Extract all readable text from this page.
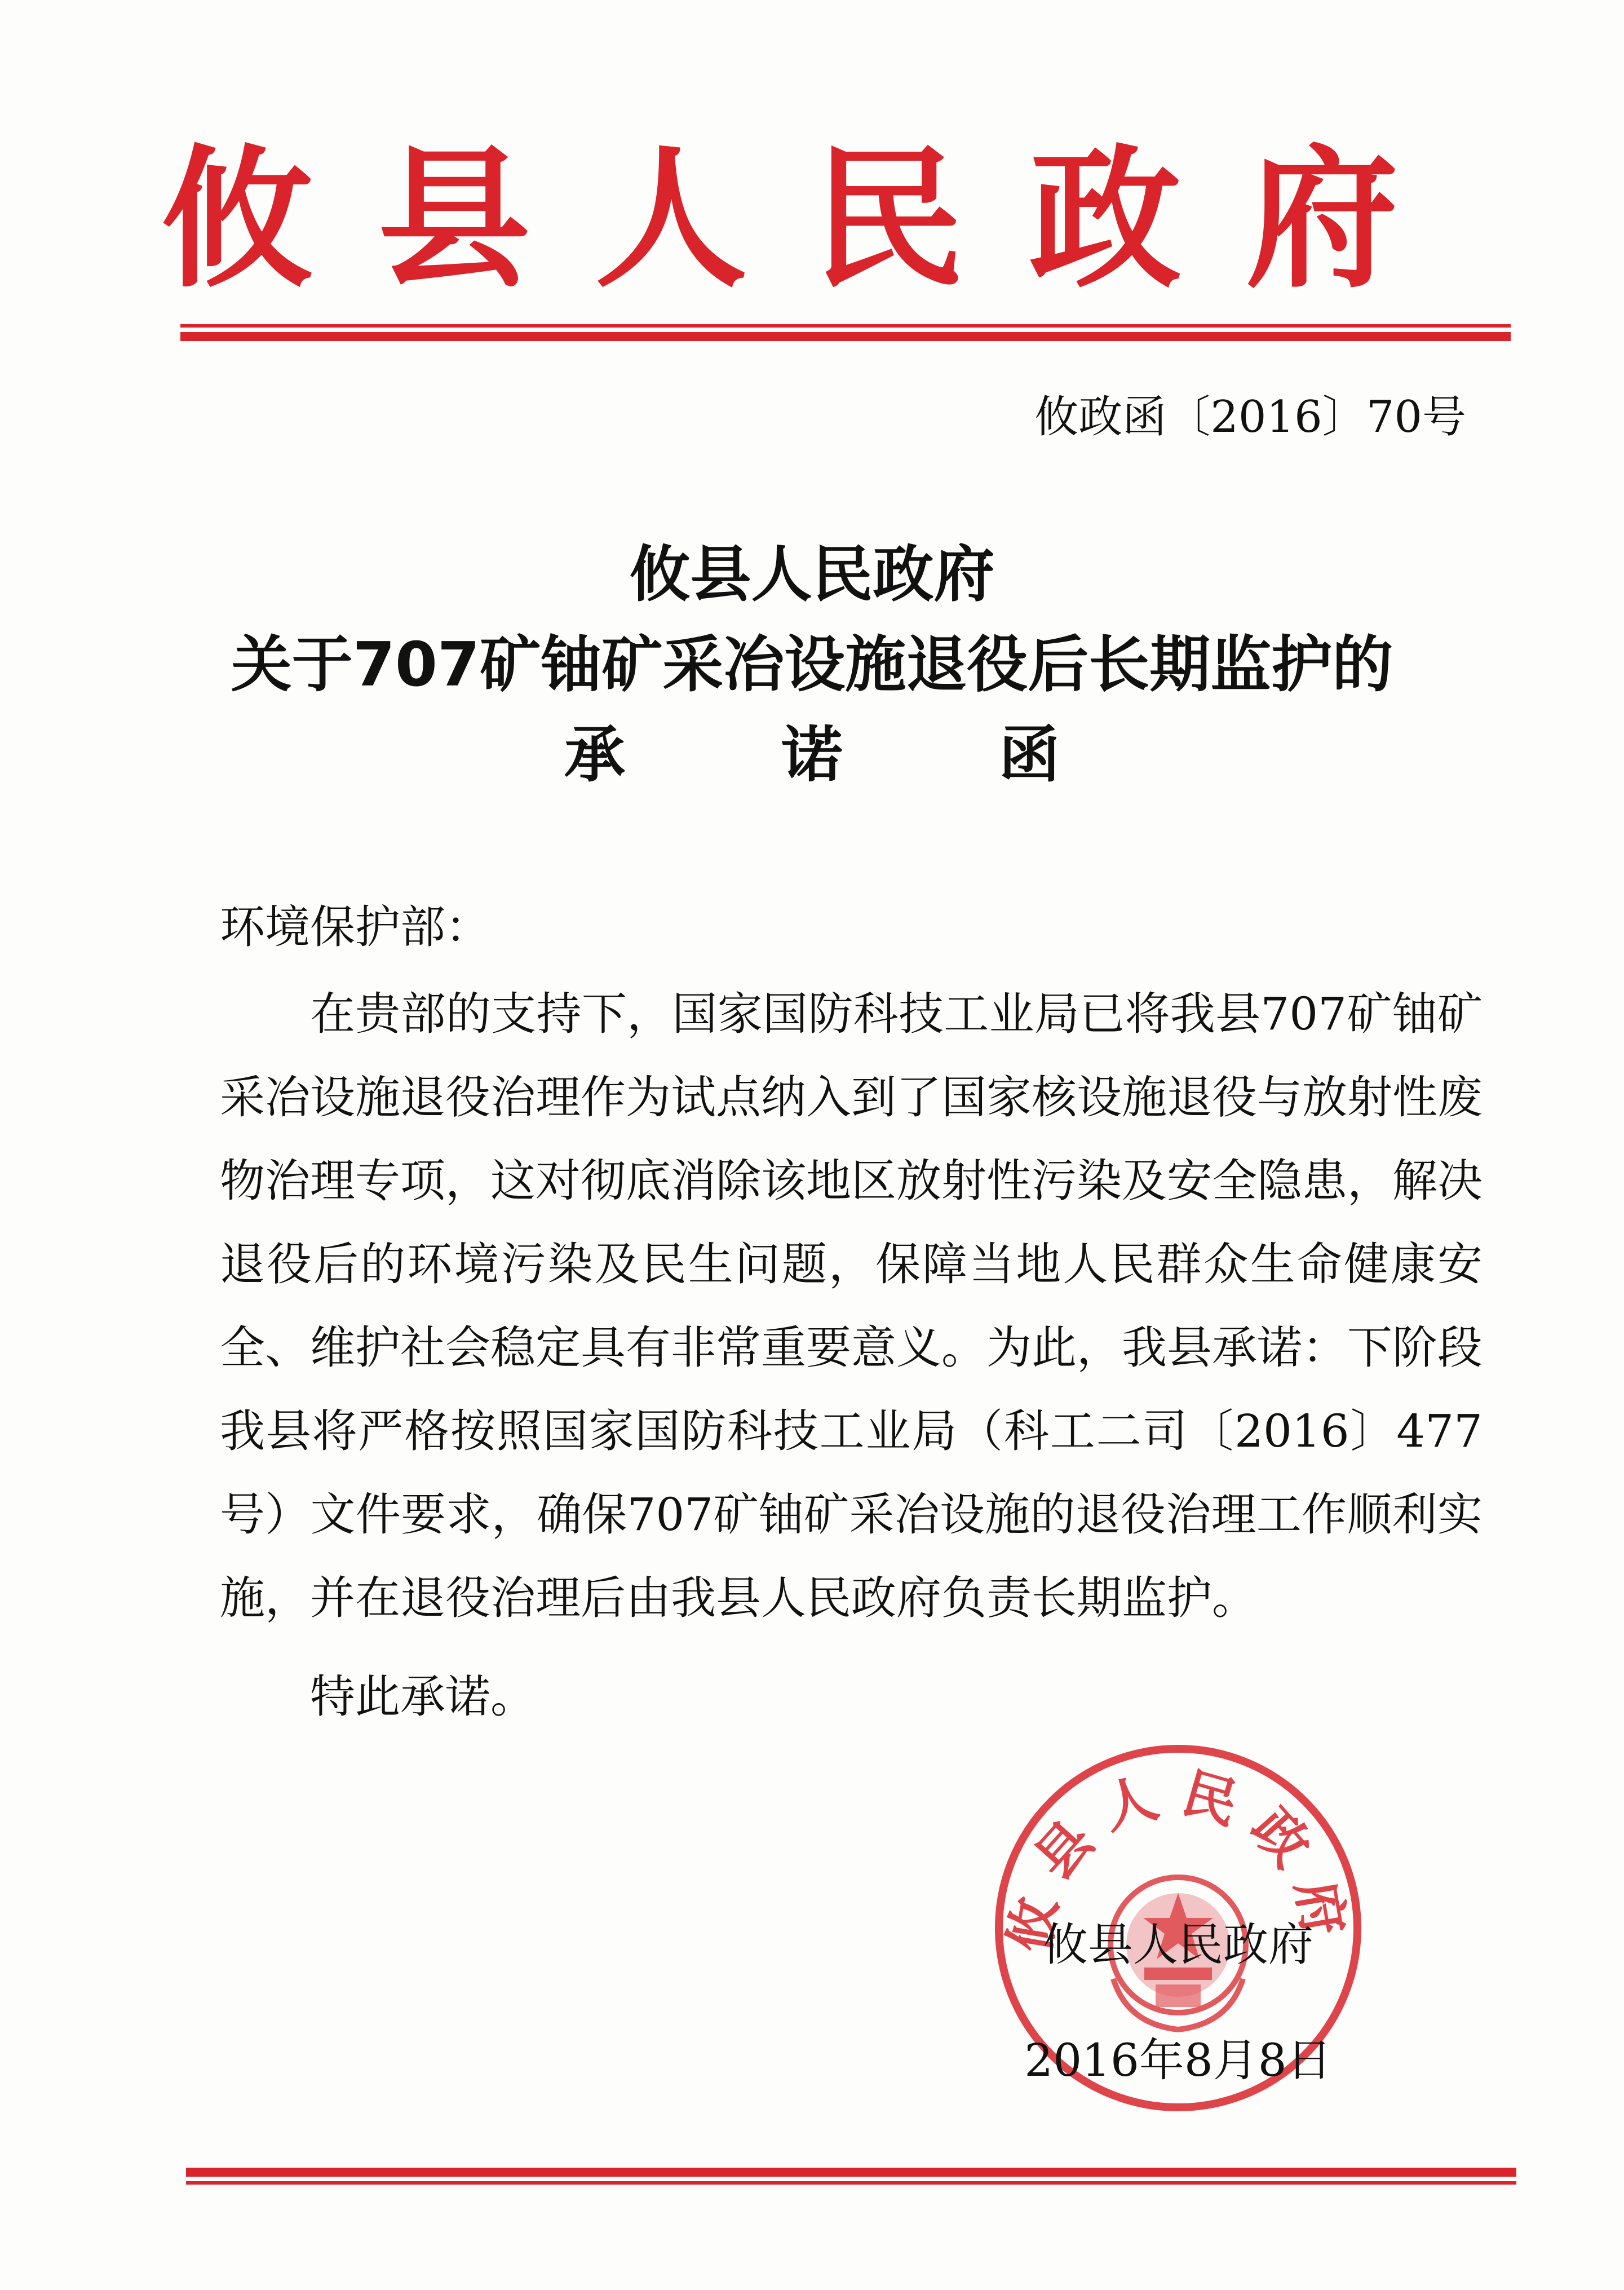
攸县人民政府
攸政函〔2016〕70号
攸县人民政府
关于707矿铀矿采冶设施退役后长期监护的
承 诺 函
环境保护部：

在贵部的支持下，国家国防科技工业局已将我县707矿铀矿采冶设施退役治理作为试点纳入到了国家核设施退役与放射性废物治理专项，这对彻底消除该地区放射性污染及安全隐患，解决退役后的环境污染及民生问题，保障当地人民群众生命健康安全、维护社会稳定具有非常重要意义。为此，我县承诺：下阶段我县将严格按照国家国防科技工业局（科工二司〔2016〕477号）文件要求，确保707矿铀矿采冶设施的退役治理工作顺利实施，并在退役治理后由我县人民政府负责长期监护。

特此承诺。
攸县人民政府
攸县人民政府
2016年8月8日
